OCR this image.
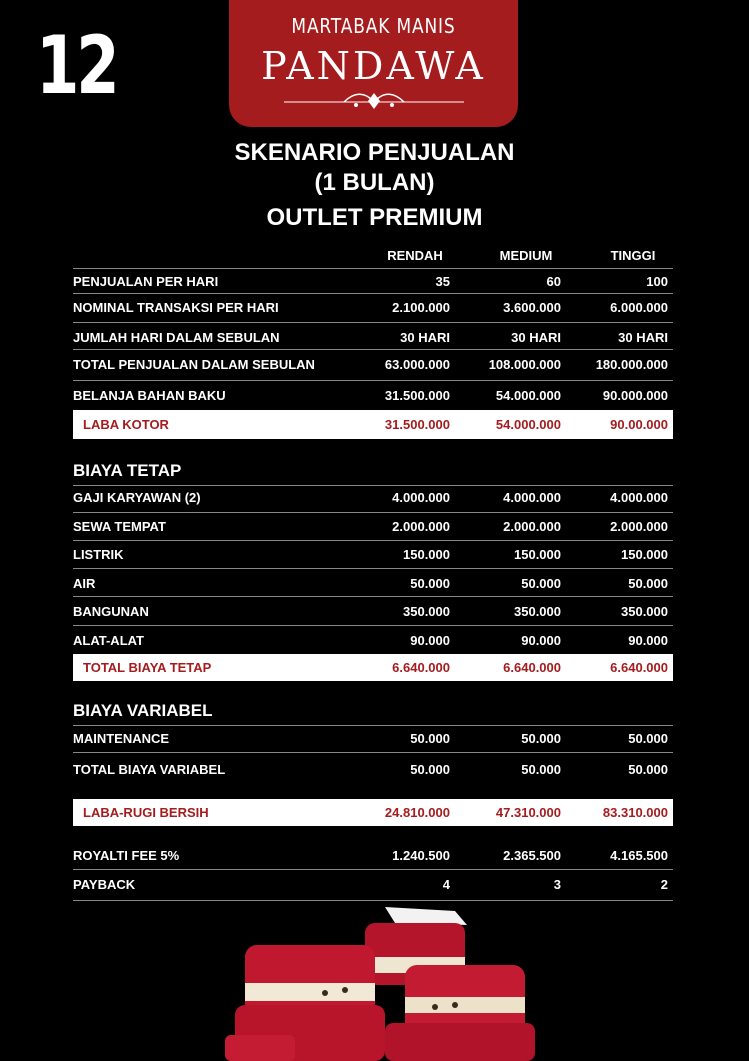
12	MARTABAK MANIS
PANDAWA
SKENARIO PENJUALAN
(1 BULAN)
OUTLET PREMIUM
RENDAH	MEDIUM	TINGGI
PENJUALAN PER HARI	35	60	100
NOMINAL TRANSAKSI PER HARI	2.100.000	3.600.000	6.000.000
JUMLAH HARI DALAM SEBULAN	30 HARI	30 HARI	30 HARI
TOTAL PENJUALAN DALAM SEBULAN	63.000.000	108.000.000	180.000.000
BELANJA BAHAN BAKU	31.500.000	54.000.000	90.000.000
LABA KOTOR	31.500.000	54.000.000	90.00.000
BIAYA TETAP
GAJI KARYAWAN (2)	4.000.000	4.000.000	4.000.000
SEWA TEMPAT	2.000.000	2.000.000	2.000.000
LISTRIK	150.000	150.000	150.000
AIR	50.000	50.000	50.000
BANGUNAN	350.000	350.000	350.000
ALAT-ALAT	90.000	90.000	90.000
TOTAL BIAYA TETAP	6.640.000	6.640.000	6.640.000
BIAYA VARIABEL
MAINTENANCE	50.000	50.000	50.000
TOTAL BIAYA VARIABEL	50.000	50.000	50.000
LABA-RUGI BERSIH	24.810.000	47.310.000	83.310.000
ROYALTI FEE 5%	1.240.500	2.365.500	4.165.500
PAYBACK	4	3	2
